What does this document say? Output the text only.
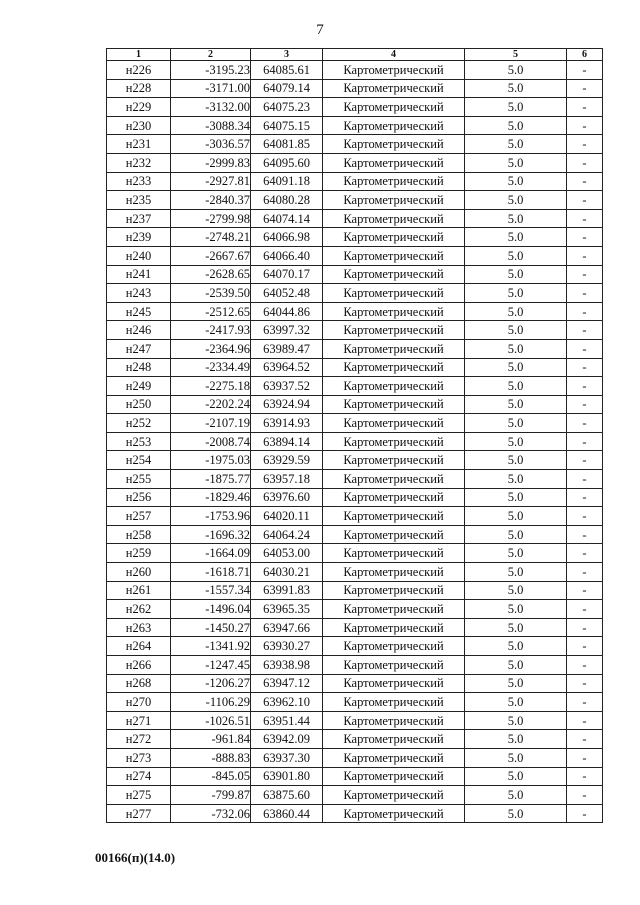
7
1	2	3	4	5	6
н226	-3195.23	64085.61	Картометрический	5.0	-
н228	-3171.00	64079.14	Картометрический	5.0	-
н229	-3132.00	64075.23	Картометрический	5.0	-
н230	-3088.34	64075.15	Картометрический	5.0	-
н231	-3036.57	64081.85	Картометрический	5.0	-
н232	-2999.83	64095.60	Картометрический	5.0	-
н233	-2927.81	64091.18	Картометрический	5.0	-
н235	-2840.37	64080.28	Картометрический	5.0	-
н237	-2799.98	64074.14	Картометрический	5.0	-
н239	-2748.21	64066.98	Картометрический	5.0	-
н240	-2667.67	64066.40	Картометрический	5.0	-
н241	-2628.65	64070.17	Картометрический	5.0	-
н243	-2539.50	64052.48	Картометрический	5.0	-
н245	-2512.65	64044.86	Картометрический	5.0	-
н246	-2417.93	63997.32	Картометрический	5.0	-
н247	-2364.96	63989.47	Картометрический	5.0	-
н248	-2334.49	63964.52	Картометрический	5.0	-
н249	-2275.18	63937.52	Картометрический	5.0	-
н250	-2202.24	63924.94	Картометрический	5.0	-
н252	-2107.19	63914.93	Картометрический	5.0	-
н253	-2008.74	63894.14	Картометрический	5.0	-
н254	-1975.03	63929.59	Картометрический	5.0	-
н255	-1875.77	63957.18	Картометрический	5.0	-
н256	-1829.46	63976.60	Картометрический	5.0	-
н257	-1753.96	64020.11	Картометрический	5.0	-
н258	-1696.32	64064.24	Картометрический	5.0	-
н259	-1664.09	64053.00	Картометрический	5.0	-
н260	-1618.71	64030.21	Картометрический	5.0	-
н261	-1557.34	63991.83	Картометрический	5.0	-
н262	-1496.04	63965.35	Картометрический	5.0	-
н263	-1450.27	63947.66	Картометрический	5.0	-
н264	-1341.92	63930.27	Картометрический	5.0	-
н266	-1247.45	63938.98	Картометрический	5.0	-
н268	-1206.27	63947.12	Картометрический	5.0	-
н270	-1106.29	63962.10	Картометрический	5.0	-
н271	-1026.51	63951.44	Картометрический	5.0	-
н272	-961.84	63942.09	Картометрический	5.0	-
н273	-888.83	63937.30	Картометрический	5.0	-
н274	-845.05	63901.80	Картометрический	5.0	-
н275	-799.87	63875.60	Картометрический	5.0	-
н277	-732.06	63860.44	Картометрический	5.0	-
00166(п)(14.0)
